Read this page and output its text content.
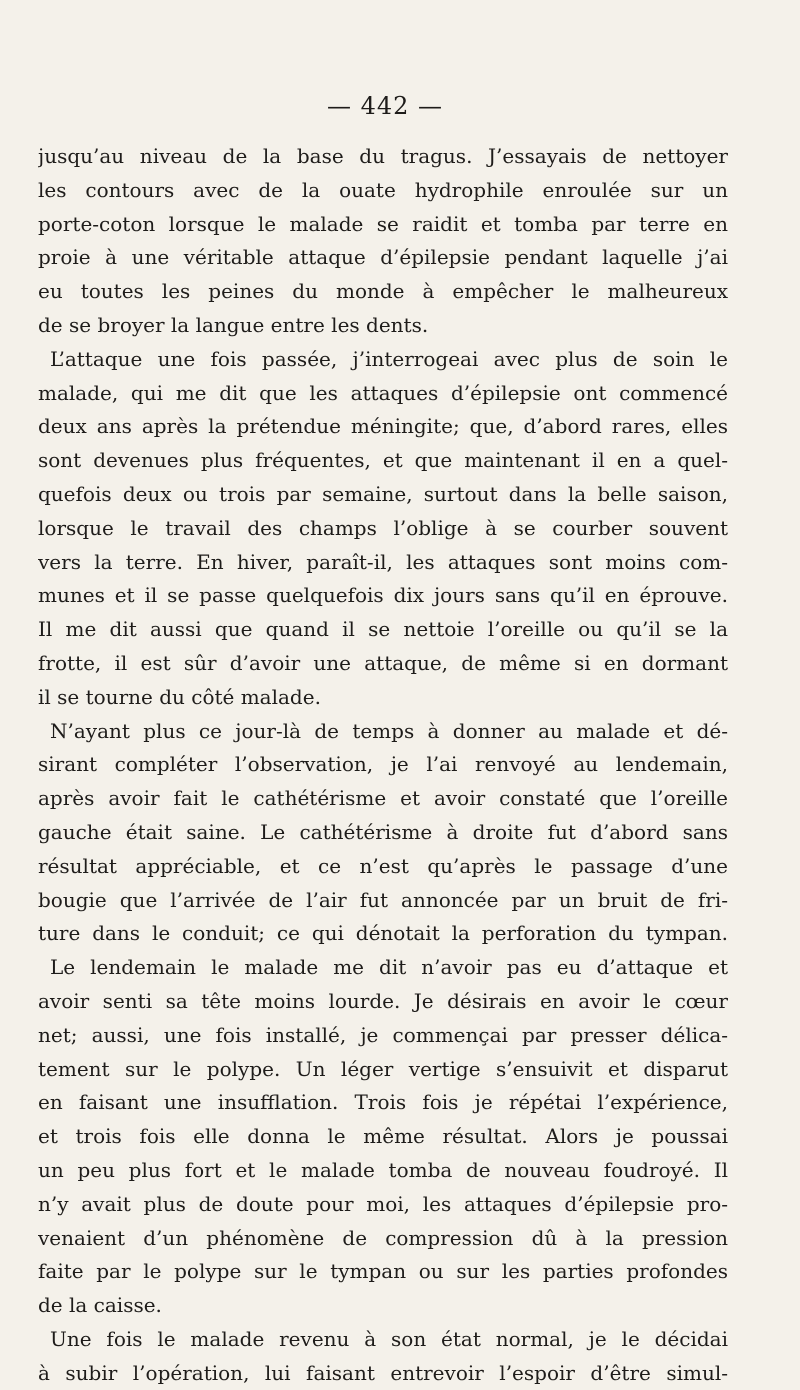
— 442 —
jusqu’au niveau de la base du tragus. J’essayais de nettoyer
les contours avec de la ouate hydrophile enroulée sur un
porte-coton lorsque le malade se raidit et tomba par terre en
proie à une véritable attaque d’épilepsie pendant laquelle j’ai
eu toutes les peines du monde à empêcher le malheureux
de se broyer la langue entre les dents.
L’attaque une fois passée, j’interrogeai avec plus de soin le
malade, qui me dit que les attaques d’épilepsie ont commencé
deux ans après la prétendue méningite; que, d’abord rares, elles
sont devenues plus fréquentes, et que maintenant il en a quel-
quefois deux ou trois par semaine, surtout dans la belle saison,
lorsque le travail des champs l’oblige à se courber souvent
vers la terre. En hiver, paraît-il, les attaques sont moins com-
munes et il se passe quelquefois dix jours sans qu’il en éprouve.
Il me dit aussi que quand il se nettoie l’oreille ou qu’il se la
frotte, il est sûr d’avoir une attaque, de même si en dormant
il se tourne du côté malade.
N’ayant plus ce jour-là de temps à donner au malade et dé-
sirant compléter l’observation, je l’ai renvoyé au lendemain,
après avoir fait le cathétérisme et avoir constaté que l’oreille
gauche était saine. Le cathétérisme à droite fut d’abord sans
résultat appréciable, et ce n’est qu’après le passage d’une
bougie que l’arrivée de l’air fut annoncée par un bruit de fri-
ture dans le conduit; ce qui dénotait la perforation du tympan.
Le lendemain le malade me dit n’avoir pas eu d’attaque et
avoir senti sa tête moins lourde. Je désirais en avoir le cœur
net; aussi, une fois installé, je commençai par presser délica-
tement sur le polype. Un léger vertige s’ensuivit et disparut
en faisant une insufflation. Trois fois je répétai l’expérience,
et trois fois elle donna le même résultat. Alors je poussai
un peu plus fort et le malade tomba de nouveau foudroyé. Il
n’y avait plus de doute pour moi, les attaques d’épilepsie pro-
venaient d’un phénomène de compression dû à la pression
faite par le polype sur le tympan ou sur les parties profondes
de la caisse.
Une fois le malade revenu à son état normal, je le décidai
à subir l’opération, lui faisant entrevoir l’espoir d’être simul-
